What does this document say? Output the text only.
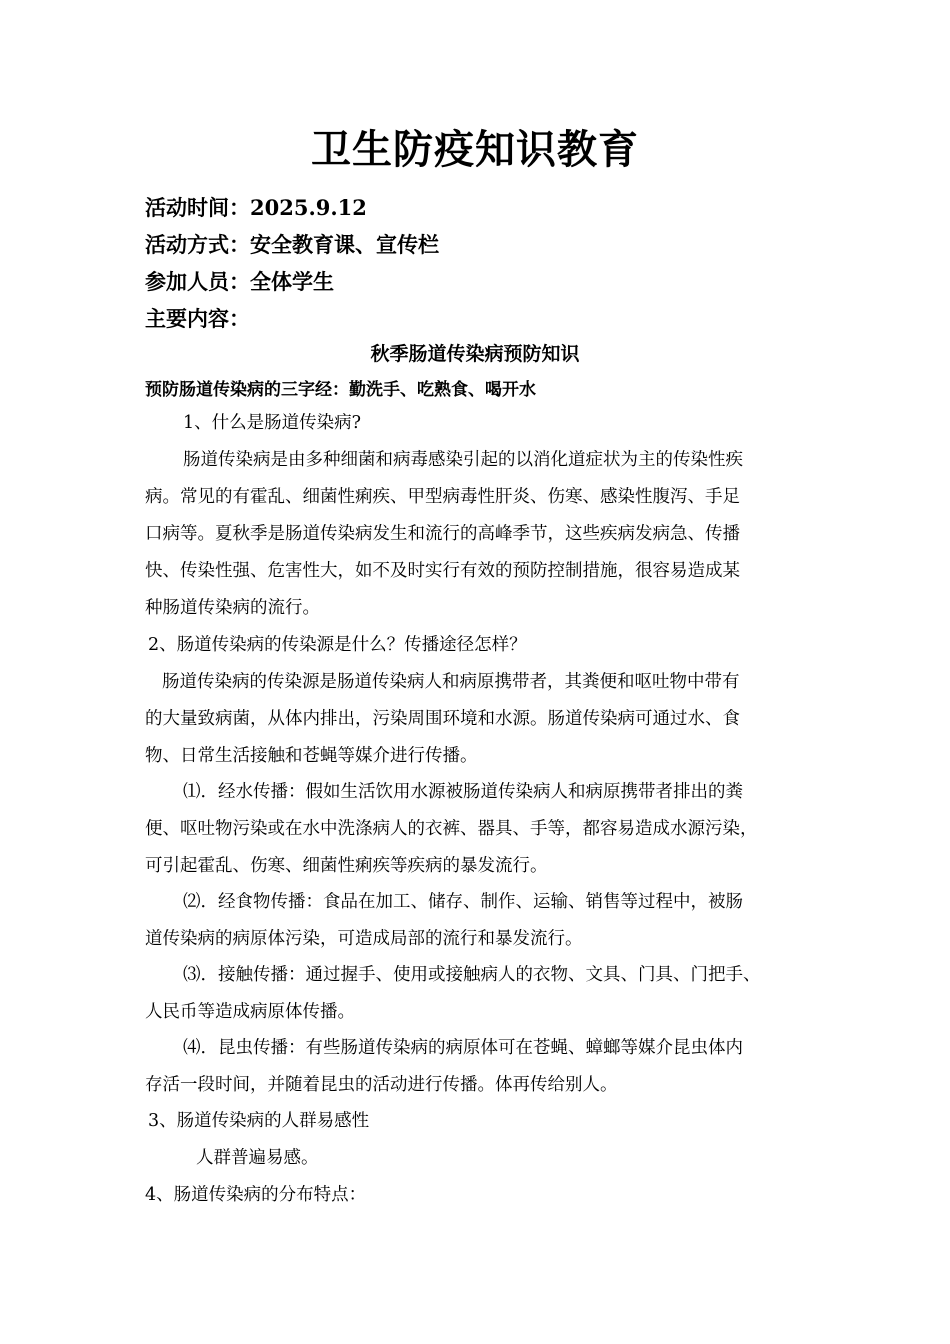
卫生防疫知识教育
活动时间：2025.9.12
活动方式：安全教育课、宣传栏
参加人员：全体学生
主要内容：
秋季肠道传染病预防知识
预防肠道传染病的三字经：勤洗手、吃熟食、喝开水
1、什么是肠道传染病?
肠道传染病是由多种细菌和病毒感染引起的以消化道症状为主的传染性疾
病。常见的有霍乱、细菌性痢疾、甲型病毒性肝炎、伤寒、感染性腹泻、手足
口病等。夏秋季是肠道传染病发生和流行的高峰季节，这些疾病发病急、传播
快、传染性强、危害性大，如不及时实行有效的预防控制措施，很容易造成某
种肠道传染病的流行。
2、肠道传染病的传染源是什么？传播途径怎样？
肠道传染病的传染源是肠道传染病人和病原携带者，其粪便和呕吐物中带有
的大量致病菌，从体内排出，污染周围环境和水源。肠道传染病可通过水、食
物、日常生活接触和苍蝇等媒介进行传播。
⑴．经水传播：假如生活饮用水源被肠道传染病人和病原携带者排出的粪
便、呕吐物污染或在水中洗涤病人的衣裤、器具、手等，都容易造成水源污染，
可引起霍乱、伤寒、细菌性痢疾等疾病的暴发流行。
⑵．经食物传播：食品在加工、储存、制作、运输、销售等过程中，被肠
道传染病的病原体污染，可造成局部的流行和暴发流行。
⑶．接触传播：通过握手、使用或接触病人的衣物、文具、门具、门把手、
人民币等造成病原体传播。
⑷．昆虫传播：有些肠道传染病的病原体可在苍蝇、蟑螂等媒介昆虫体内
存活一段时间，并随着昆虫的活动进行传播。体再传给别人。
3、肠道传染病的人群易感性
人群普遍易感。
4、肠道传染病的分布特点：
